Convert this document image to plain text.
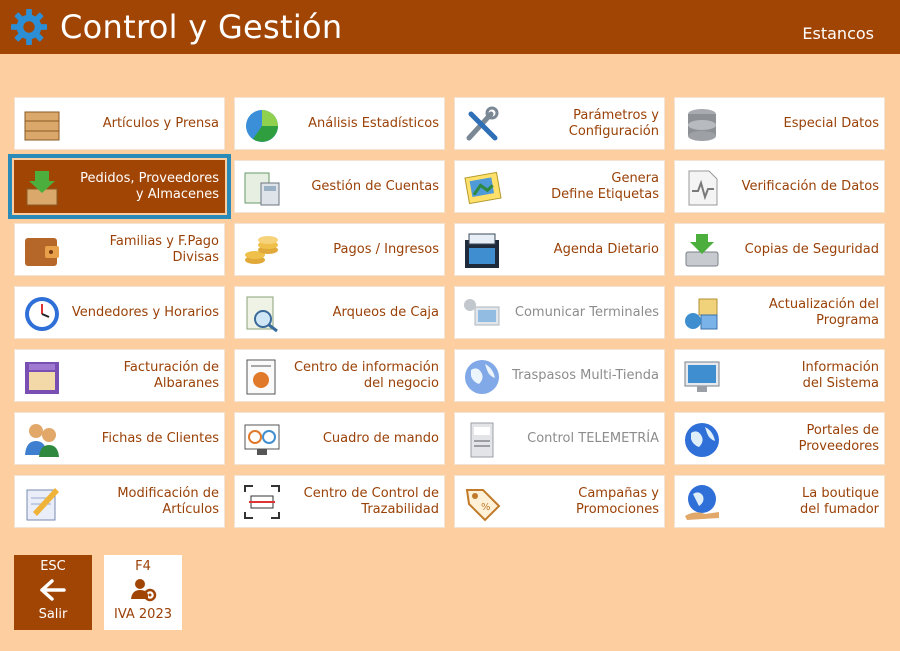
Control y Gestión	Estancos
Artículos y Prensa	Análisis Estadísticos
Parámetros y
Configuración
Especial Datos
Pedidos, Proveedores
y Almacenes
Gestión de Cuentas
Genera
Define Etiquetas
Verificación de Datos
Familias y F.Pago
Divisas
Pagos / Ingresos	Agenda Dietario	Copias de Seguridad
Vendedores y Horarios	Arqueos de Caja	Comunicar Terminales
Actualización del
Programa
Facturación de
Albaranes
Centro de información
del negocio
Traspasos Multi-Tienda
Información
del Sistema
Fichas de Clientes	Cuadro de mando	Control TELEMETRÍA
Portales de
Proveedores
Modificación de
Artículos
Centro de Control de
Trazabilidad	%
Campañas y
Promociones
La boutique
del fumador
ESC
Salir
F4
IVA 2023
